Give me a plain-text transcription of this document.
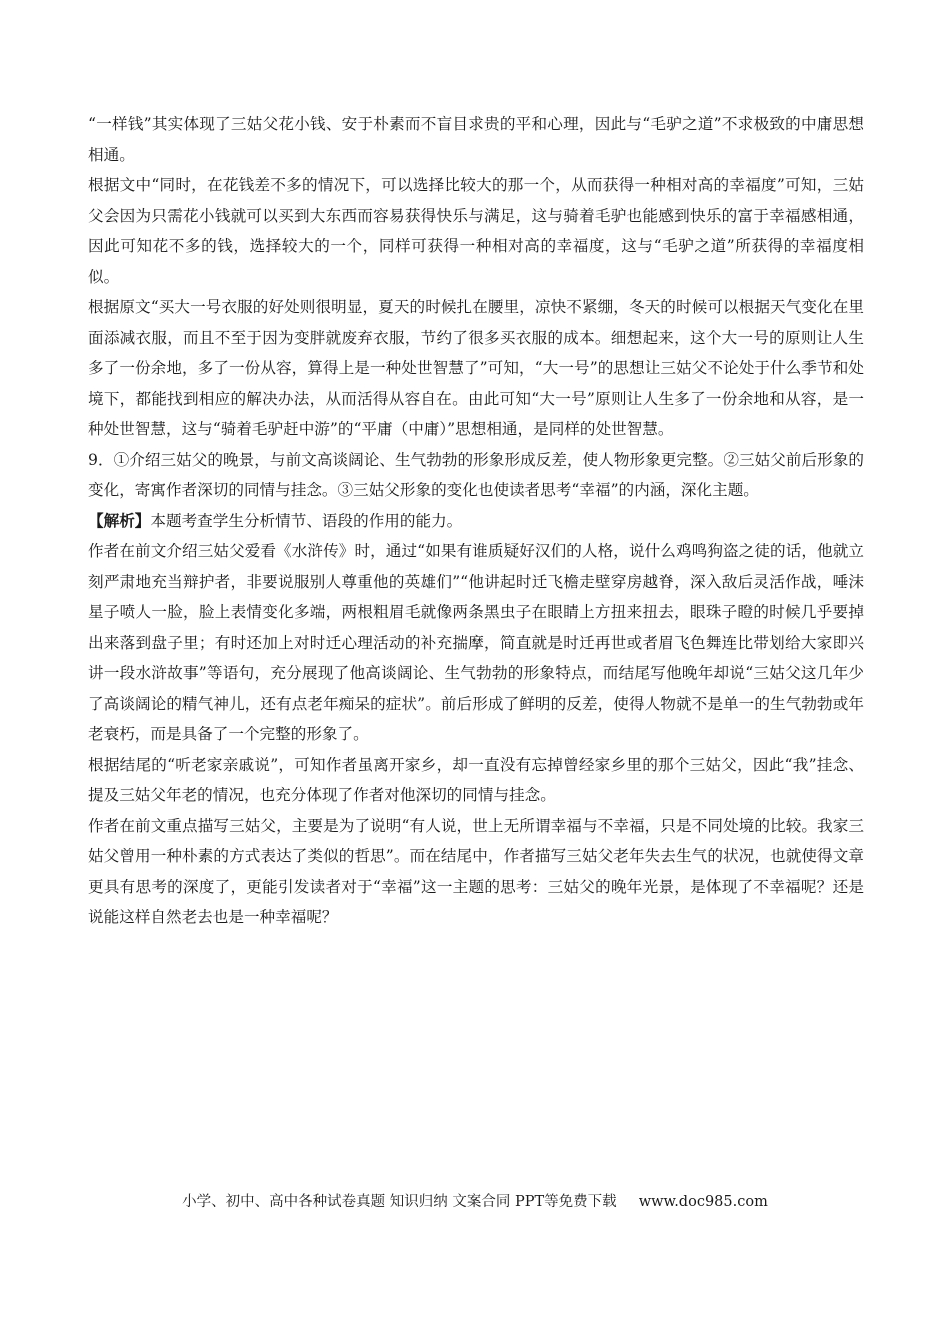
“一样钱”其实体现了三姑父花小钱、安于朴素而不盲目求贵的平和心理，因此与“毛驴之道”不求极致的中庸思想相通。

根据文中“同时，在花钱差不多的情况下，可以选择比较大的那一个，从而获得一种相对高的幸福度”可知，三姑父会因为只需花小钱就可以买到大东西而容易获得快乐与满足，这与骑着毛驴也能感到快乐的富于幸福感相通，因此可知花不多的钱，选择较大的一个，同样可获得一种相对高的幸福度，这与“毛驴之道”所获得的幸福度相似。

根据原文“买大一号衣服的好处则很明显，夏天的时候扎在腰里，凉快不紧绷，冬天的时候可以根据天气变化在里面添减衣服，而且不至于因为变胖就废弃衣服，节约了很多买衣服的成本。细想起来，这个大一号的原则让人生多了一份余地，多了一份从容，算得上是一种处世智慧了”可知，“大一号”的思想让三姑父不论处于什么季节和处境下，都能找到相应的解决办法，从而活得从容自在。由此可知“大一号”原则让人生多了一份余地和从容，是一种处世智慧，这与“骑着毛驴赶中游”的“平庸（中庸）”思想相通，是同样的处世智慧。

9．①介绍三姑父的晚景，与前文高谈阔论、生气勃勃的形象形成反差，使人物形象更完整。②三姑父前后形象的变化，寄寓作者深切的同情与挂念。③三姑父形象的变化也使读者思考“幸福”的内涵，深化主题。

【解析】本题考查学生分析情节、语段的作用的能力。

作者在前文介绍三姑父爱看《水浒传》时，通过“如果有谁质疑好汉们的人格，说什么鸡鸣狗盗之徒的话，他就立刻严肃地充当辩护者，非要说服别人尊重他的英雄们”“他讲起时迁飞檐走壁穿房越脊，深入敌后灵活作战，唾沫星子喷人一脸，脸上表情变化多端，两根粗眉毛就像两条黑虫子在眼睛上方扭来扭去，眼珠子瞪的时候几乎要掉出来落到盘子里；有时还加上对时迁心理活动的补充揣摩，简直就是时迁再世或者眉飞色舞连比带划给大家即兴讲一段水浒故事”等语句，充分展现了他高谈阔论、生气勃勃的形象特点，而结尾写他晚年却说“三姑父这几年少了高谈阔论的精气神儿，还有点老年痴呆的症状”。前后形成了鲜明的反差，使得人物就不是单一的生气勃勃或年老衰朽，而是具备了一个完整的形象了。

根据结尾的“听老家亲戚说”，可知作者虽离开家乡，却一直没有忘掉曾经家乡里的那个三姑父，因此“我”挂念、提及三姑父年老的情况，也充分体现了作者对他深切的同情与挂念。

作者在前文重点描写三姑父，主要是为了说明“有人说，世上无所谓幸福与不幸福，只是不同处境的比较。我家三姑父曾用一种朴素的方式表达了类似的哲思”。而在结尾中，作者描写三姑父老年失去生气的状况，也就使得文章更具有思考的深度了，更能引发读者对于“幸福”这一主题的思考：三姑父的晚年光景，是体现了不幸福呢？还是说能这样自然老去也是一种幸福呢？

小学、初中、高中各种试卷真题 知识归纳 文案合同 PPT等免费下载 www.doc985.com
